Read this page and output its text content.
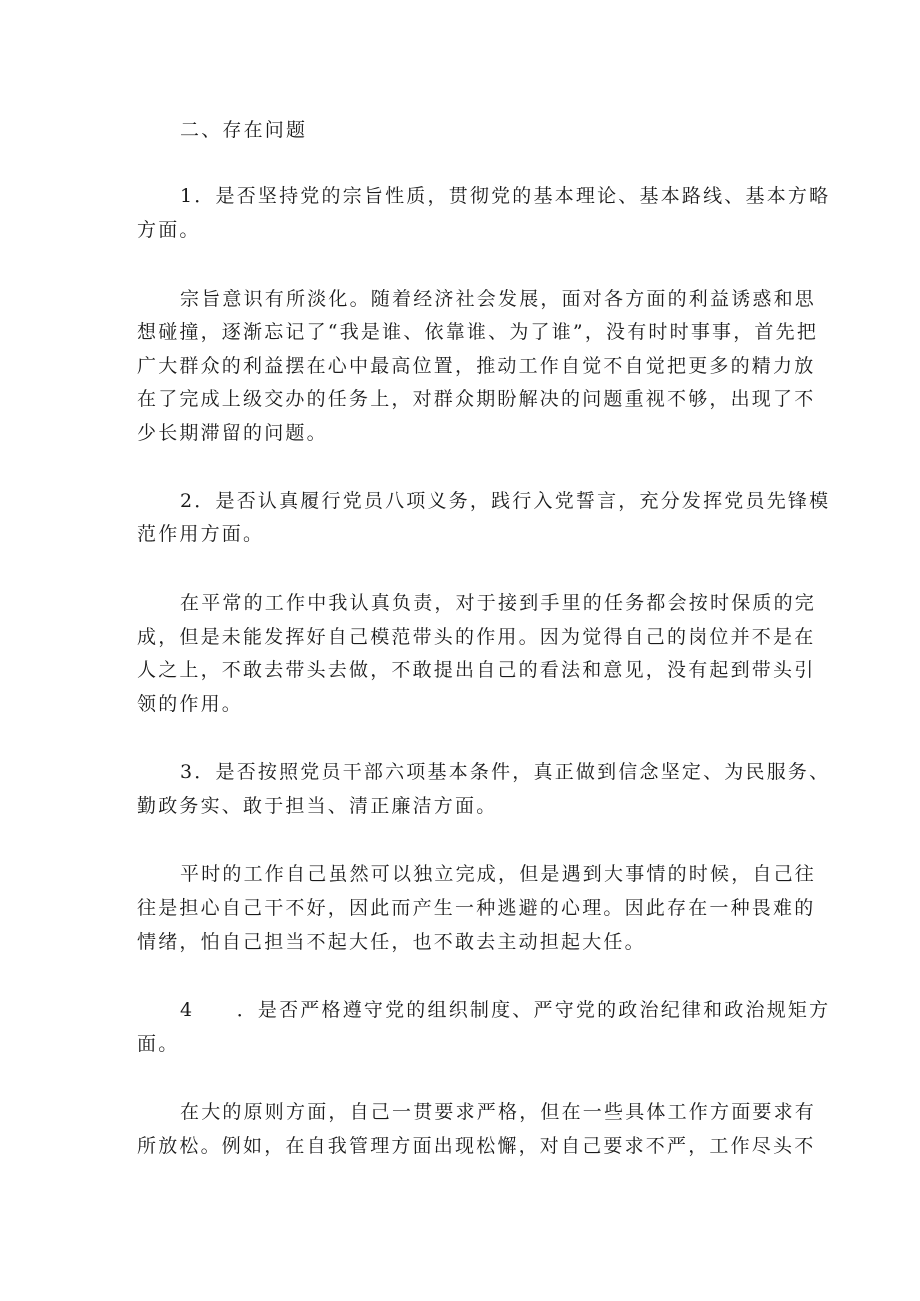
二、存在问题
1．是否坚持党的宗旨性质，贯彻党的基本理论、基本路线、基本方略
方面。
宗旨意识有所淡化。随着经济社会发展，面对各方面的利益诱惑和思
想碰撞，逐渐忘记了“我是谁、依靠谁、为了谁”，没有时时事事，首先把
广大群众的利益摆在心中最高位置，推动工作自觉不自觉把更多的精力放
在了完成上级交办的任务上，对群众期盼解决的问题重视不够，出现了不
少长期滞留的问题。
2．是否认真履行党员八项义务，践行入党誓言，充分发挥党员先锋模
范作用方面。
在平常的工作中我认真负责，对于接到手里的任务都会按时保质的完
成，但是未能发挥好自己模范带头的作用。因为觉得自己的岗位并不是在
人之上，不敢去带头去做，不敢提出自己的看法和意见，没有起到带头引
领的作用。
3．是否按照党员干部六项基本条件，真正做到信念坚定、为民服务、
勤政务实、敢于担当、清正廉洁方面。
平时的工作自己虽然可以独立完成，但是遇到大事情的时候，自己往
往是担心自己干不好，因此而产生一种逃避的心理。因此存在一种畏难的
情绪，怕自己担当不起大任，也不敢去主动担起大任。
4　　．是否严格遵守党的组织制度、严守党的政治纪律和政治规矩方
面。
在大的原则方面，自己一贯要求严格，但在一些具体工作方面要求有
所放松。例如，在自我管理方面出现松懈，对自己要求不严，工作尽头不
